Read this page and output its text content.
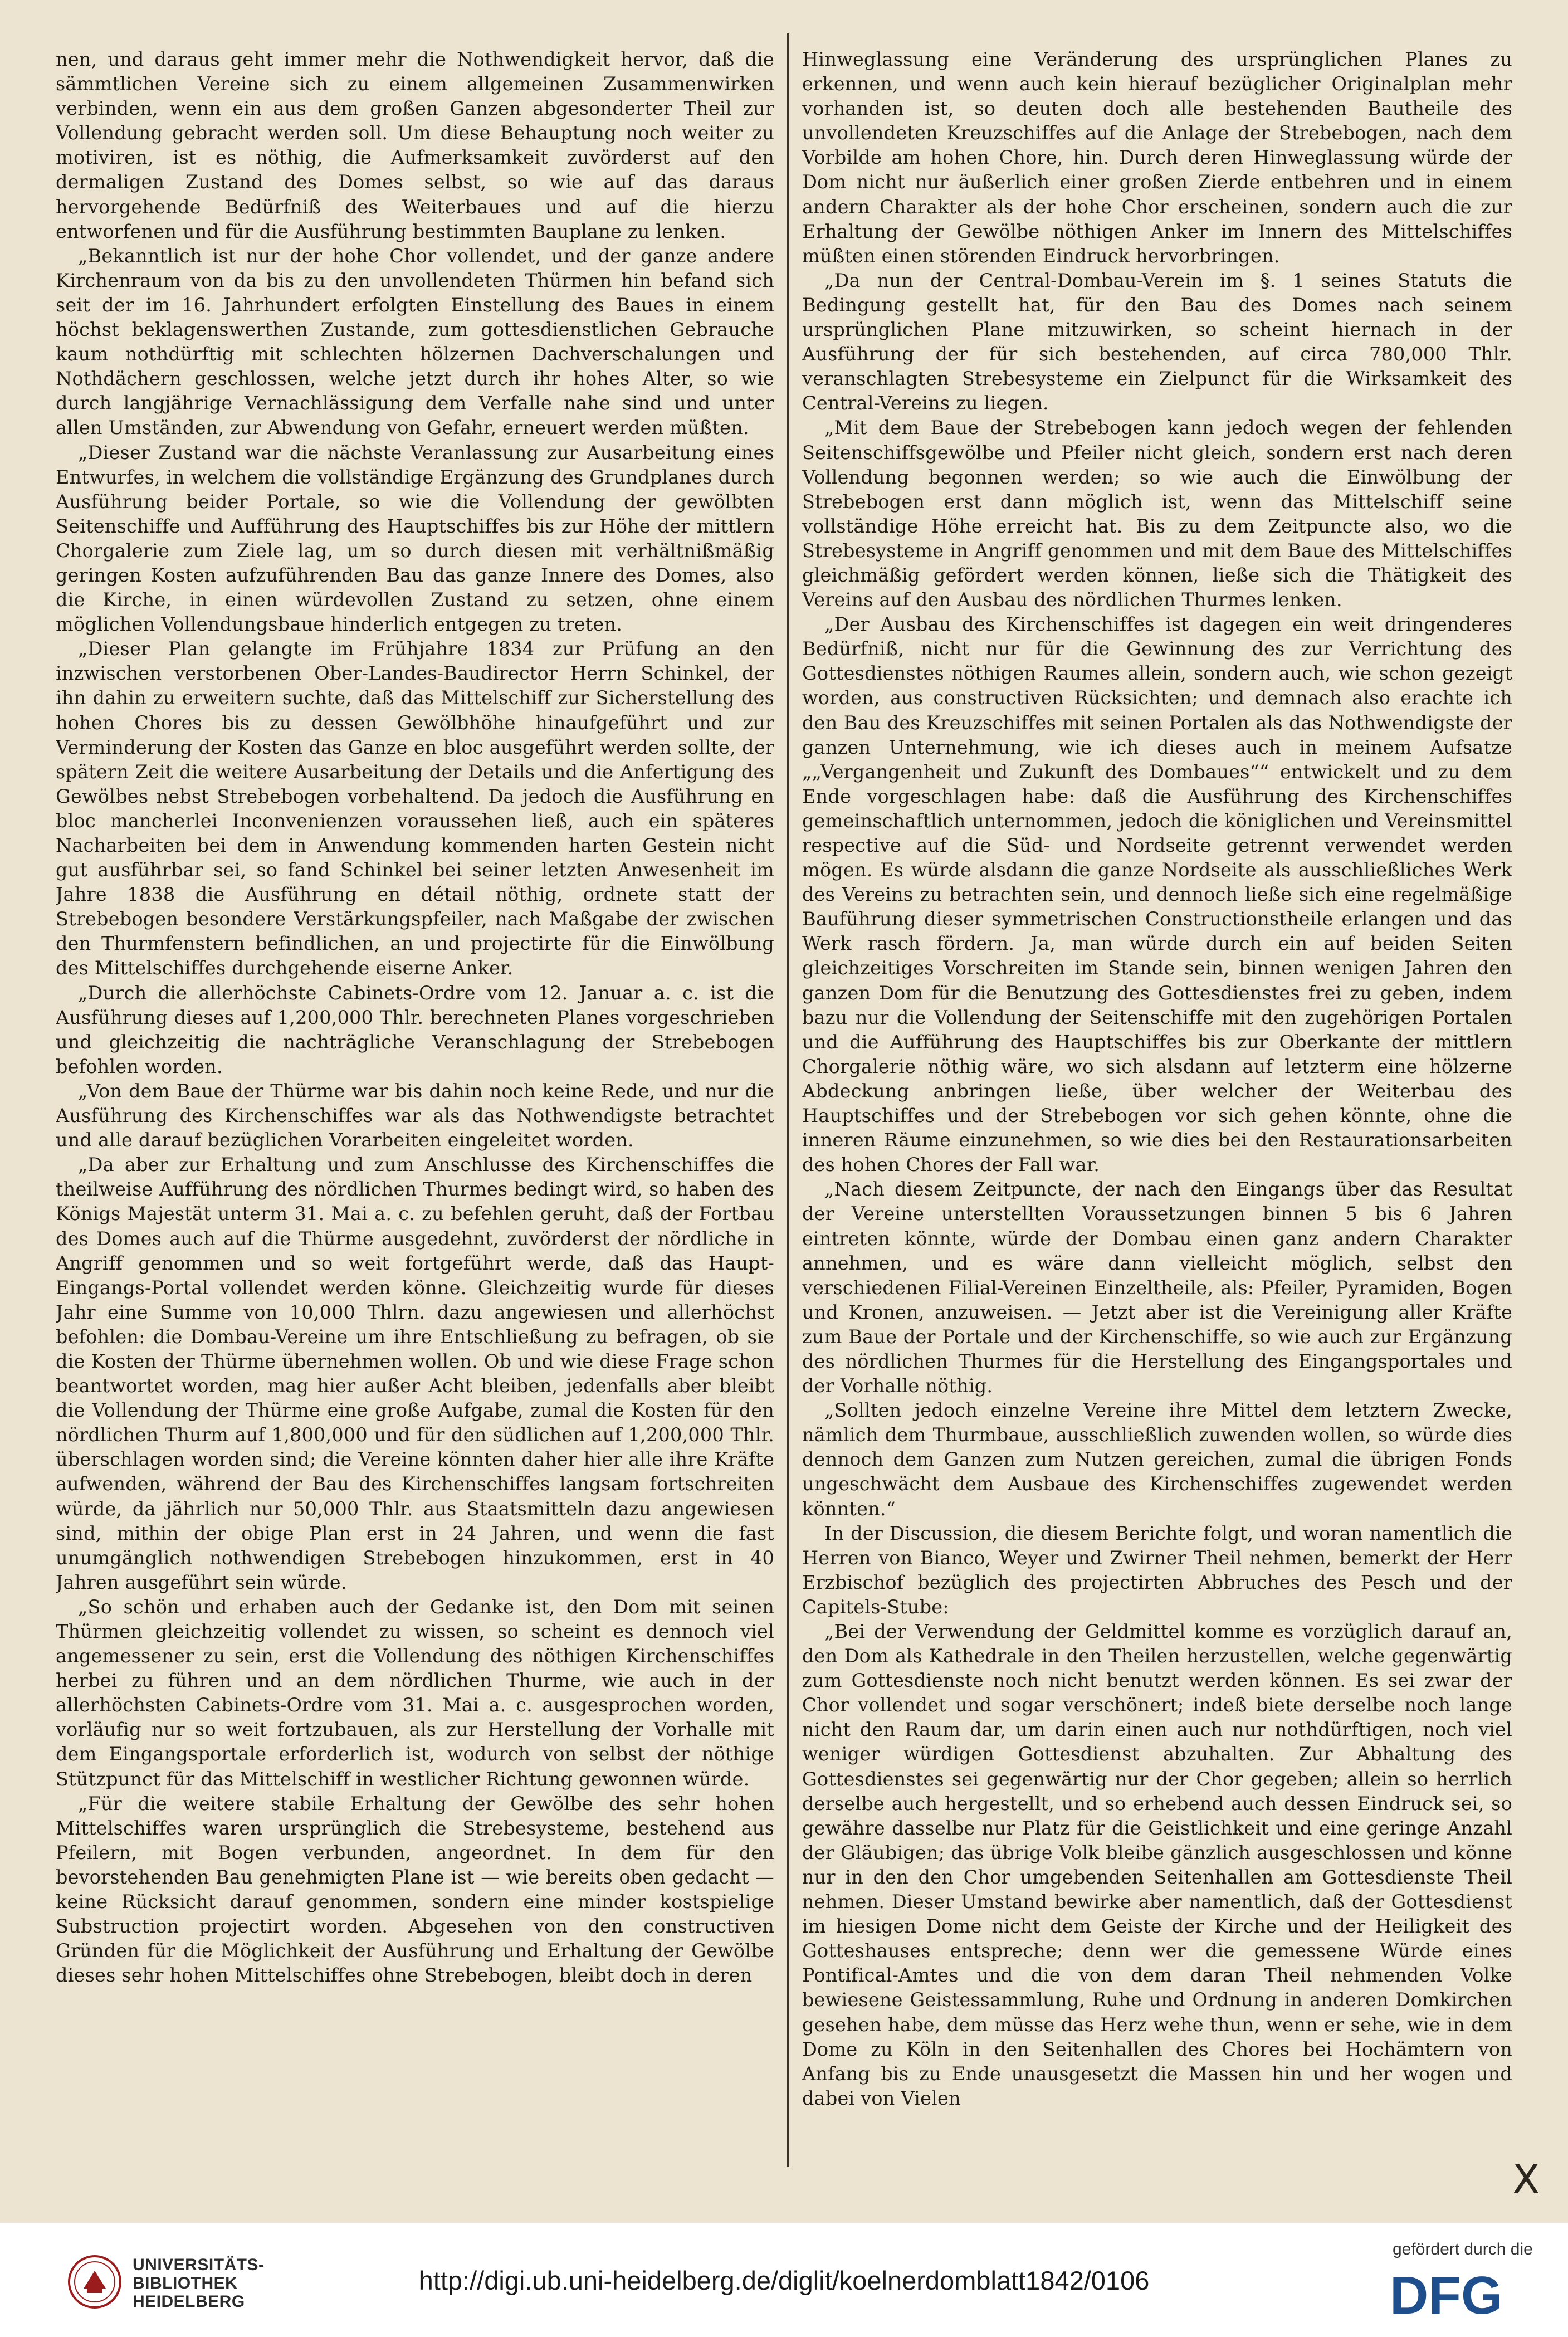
nen, und daraus geht immer mehr die Nothwendigkeit hervor, daß die sämmtlichen Vereine sich zu einem allgemeinen Zusammenwirken verbinden, wenn ein aus dem großen Ganzen abgesonderter Theil zur Vollendung gebracht werden soll. Um diese Behauptung noch weiter zu motiviren, ist es nöthig, die Aufmerksamkeit zuvörderst auf den dermaligen Zustand des Domes selbst, so wie auf das daraus hervorgehende Bedürfniß des Weiterbaues und auf die hierzu entworfenen und für die Ausführung bestimmten Bauplane zu lenken.

„Bekanntlich ist nur der hohe Chor vollendet, und der ganze andere Kirchenraum von da bis zu den unvollendeten Thürmen hin befand sich seit der im 16. Jahrhundert erfolgten Einstellung des Baues in einem höchst beklagenswerthen Zustande, zum gottesdienstlichen Gebrauche kaum nothdürftig mit schlechten hölzernen Dachverschalungen und Nothdächern geschlossen, welche jetzt durch ihr hohes Alter, so wie durch langjährige Vernachlässigung dem Verfalle nahe sind und unter allen Umständen, zur Abwendung von Gefahr, erneuert werden müßten.

„Dieser Zustand war die nächste Veranlassung zur Ausarbeitung eines Entwurfes, in welchem die vollständige Ergänzung des Grundplanes durch Ausführung beider Portale, so wie die Vollendung der gewölbten Seitenschiffe und Aufführung des Hauptschiffes bis zur Höhe der mittlern Chorgalerie zum Ziele lag, um so durch diesen mit verhältnißmäßig geringen Kosten aufzuführenden Bau das ganze Innere des Domes, also die Kirche, in einen würdevollen Zustand zu setzen, ohne einem möglichen Vollendungsbaue hinderlich entgegen zu treten.

„Dieser Plan gelangte im Frühjahre 1834 zur Prüfung an den inzwischen verstorbenen Ober-Landes-Baudirector Herrn Schinkel, der ihn dahin zu erweitern suchte, daß das Mittelschiff zur Sicherstellung des hohen Chores bis zu dessen Gewölbhöhe hinaufgeführt und zur Verminderung der Kosten das Ganze en bloc ausgeführt werden sollte, der spätern Zeit die weitere Ausarbeitung der Details und die Anfertigung des Gewölbes nebst Strebebogen vorbehaltend. Da jedoch die Ausführung en bloc mancherlei Inconvenienzen voraussehen ließ, auch ein späteres Nacharbeiten bei dem in Anwendung kommenden harten Gestein nicht gut ausführbar sei, so fand Schinkel bei seiner letzten Anwesenheit im Jahre 1838 die Ausführung en détail nöthig, ordnete statt der Strebebogen besondere Verstärkungspfeiler, nach Maßgabe der zwischen den Thurmfenstern befindlichen, an und projectirte für die Einwölbung des Mittelschiffes durchgehende eiserne Anker.

„Durch die allerhöchste Cabinets-Ordre vom 12. Januar a. c. ist die Ausführung dieses auf 1,200,000 Thlr. berechneten Planes vorgeschrieben und gleichzeitig die nachträgliche Veranschlagung der Strebebogen befohlen worden.

„Von dem Baue der Thürme war bis dahin noch keine Rede, und nur die Ausführung des Kirchenschiffes war als das Nothwendigste betrachtet und alle darauf bezüglichen Vorarbeiten eingeleitet worden.

„Da aber zur Erhaltung und zum Anschlusse des Kirchenschiffes die theilweise Aufführung des nördlichen Thurmes bedingt wird, so haben des Königs Majestät unterm 31. Mai a. c. zu befehlen geruht, daß der Fortbau des Domes auch auf die Thürme ausgedehnt, zuvörderst der nördliche in Angriff genommen und so weit fortgeführt werde, daß das Haupt-Eingangs-Portal vollendet werden könne. Gleichzeitig wurde für dieses Jahr eine Summe von 10,000 Thlrn. dazu angewiesen und allerhöchst befohlen: die Dombau-Vereine um ihre Entschließung zu befragen, ob sie die Kosten der Thürme übernehmen wollen. Ob und wie diese Frage schon beantwortet worden, mag hier außer Acht bleiben, jedenfalls aber bleibt die Vollendung der Thürme eine große Aufgabe, zumal die Kosten für den nördlichen Thurm auf 1,800,000 und für den südlichen auf 1,200,000 Thlr. überschlagen worden sind; die Vereine könnten daher hier alle ihre Kräfte aufwenden, während der Bau des Kirchenschiffes langsam fortschreiten würde, da jährlich nur 50,000 Thlr. aus Staatsmitteln dazu angewiesen sind, mithin der obige Plan erst in 24 Jahren, und wenn die fast unumgänglich nothwendigen Strebebogen hinzukommen, erst in 40 Jahren ausgeführt sein würde.

„So schön und erhaben auch der Gedanke ist, den Dom mit seinen Thürmen gleichzeitig vollendet zu wissen, so scheint es dennoch viel angemessener zu sein, erst die Vollendung des nöthigen Kirchenschiffes herbei zu führen und an dem nördlichen Thurme, wie auch in der allerhöchsten Cabinets-Ordre vom 31. Mai a. c. ausgesprochen worden, vorläufig nur so weit fortzubauen, als zur Herstellung der Vorhalle mit dem Eingangsportale erforderlich ist, wodurch von selbst der nöthige Stützpunct für das Mittelschiff in westlicher Richtung gewonnen würde.

„Für die weitere stabile Erhaltung der Gewölbe des sehr hohen Mittelschiffes waren ursprünglich die Strebesysteme, bestehend aus Pfeilern, mit Bogen verbunden, angeordnet. In dem für den bevorstehenden Bau genehmigten Plane ist — wie bereits oben gedacht — keine Rücksicht darauf genommen, sondern eine minder kostspielige Substruction projectirt worden. Abgesehen von den constructiven Gründen für die Möglichkeit der Ausführung und Erhaltung der Gewölbe dieses sehr hohen Mittelschiffes ohne Strebebogen, bleibt doch in deren

Hinweglassung eine Veränderung des ursprünglichen Planes zu erkennen, und wenn auch kein hierauf bezüglicher Originalplan mehr vorhanden ist, so deuten doch alle bestehenden Bautheile des unvollendeten Kreuzschiffes auf die Anlage der Strebebogen, nach dem Vorbilde am hohen Chore, hin. Durch deren Hinweglassung würde der Dom nicht nur äußerlich einer großen Zierde entbehren und in einem andern Charakter als der hohe Chor erscheinen, sondern auch die zur Erhaltung der Gewölbe nöthigen Anker im Innern des Mittelschiffes müßten einen störenden Eindruck hervorbringen.

„Da nun der Central-Dombau-Verein im §. 1 seines Statuts die Bedingung gestellt hat, für den Bau des Domes nach seinem ursprünglichen Plane mitzuwirken, so scheint hiernach in der Ausführung der für sich bestehenden, auf circa 780,000 Thlr. veranschlagten Strebesysteme ein Zielpunct für die Wirksamkeit des Central-Vereins zu liegen.

„Mit dem Baue der Strebebogen kann jedoch wegen der fehlenden Seitenschiffsgewölbe und Pfeiler nicht gleich, sondern erst nach deren Vollendung begonnen werden; so wie auch die Einwölbung der Strebebogen erst dann möglich ist, wenn das Mittelschiff seine vollständige Höhe erreicht hat. Bis zu dem Zeitpuncte also, wo die Strebesysteme in Angriff genommen und mit dem Baue des Mittelschiffes gleichmäßig gefördert werden können, ließe sich die Thätigkeit des Vereins auf den Ausbau des nördlichen Thurmes lenken.

„Der Ausbau des Kirchenschiffes ist dagegen ein weit dringenderes Bedürfniß, nicht nur für die Gewinnung des zur Verrichtung des Gottesdienstes nöthigen Raumes allein, sondern auch, wie schon gezeigt worden, aus constructiven Rücksichten; und demnach also erachte ich den Bau des Kreuzschiffes mit seinen Portalen als das Nothwendigste der ganzen Unternehmung, wie ich dieses auch in meinem Aufsatze „„Vergangenheit und Zukunft des Dombaues““ entwickelt und zu dem Ende vorgeschlagen habe: daß die Ausführung des Kirchenschiffes gemeinschaftlich unternommen, jedoch die königlichen und Vereinsmittel respective auf die Süd- und Nordseite getrennt verwendet werden mögen. Es würde alsdann die ganze Nordseite als ausschließliches Werk des Vereins zu betrachten sein, und dennoch ließe sich eine regelmäßige Bauführung dieser symmetrischen Constructionstheile erlangen und das Werk rasch fördern. Ja, man würde durch ein auf beiden Seiten gleichzeitiges Vorschreiten im Stande sein, binnen wenigen Jahren den ganzen Dom für die Benutzung des Gottesdienstes frei zu geben, indem bazu nur die Vollendung der Seitenschiffe mit den zugehörigen Portalen und die Aufführung des Hauptschiffes bis zur Oberkante der mittlern Chorgalerie nöthig wäre, wo sich alsdann auf letzterm eine hölzerne Abdeckung anbringen ließe, über welcher der Weiterbau des Hauptschiffes und der Strebebogen vor sich gehen könnte, ohne die inneren Räume einzunehmen, so wie dies bei den Restaurationsarbeiten des hohen Chores der Fall war.

„Nach diesem Zeitpuncte, der nach den Eingangs über das Resultat der Vereine unterstellten Voraussetzungen binnen 5 bis 6 Jahren eintreten könnte, würde der Dombau einen ganz andern Charakter annehmen, und es wäre dann vielleicht möglich, selbst den verschiedenen Filial-Vereinen Einzeltheile, als: Pfeiler, Pyramiden, Bogen und Kronen, anzuweisen. — Jetzt aber ist die Vereinigung aller Kräfte zum Baue der Portale und der Kirchenschiffe, so wie auch zur Ergänzung des nördlichen Thurmes für die Herstellung des Eingangsportales und der Vorhalle nöthig.

„Sollten jedoch einzelne Vereine ihre Mittel dem letztern Zwecke, nämlich dem Thurmbaue, ausschließlich zuwenden wollen, so würde dies dennoch dem Ganzen zum Nutzen gereichen, zumal die übrigen Fonds ungeschwächt dem Ausbaue des Kirchenschiffes zugewendet werden könnten.“

In der Discussion, die diesem Berichte folgt, und woran namentlich die Herren von Bianco, Weyer und Zwirner Theil nehmen, bemerkt der Herr Erzbischof bezüglich des projectirten Abbruches des Pesch und der Capitels-Stube:

„Bei der Verwendung der Geldmittel komme es vorzüglich darauf an, den Dom als Kathedrale in den Theilen herzustellen, welche gegenwärtig zum Gottesdienste noch nicht benutzt werden können. Es sei zwar der Chor vollendet und sogar verschönert; indeß biete derselbe noch lange nicht den Raum dar, um darin einen auch nur nothdürftigen, noch viel weniger würdigen Gottesdienst abzuhalten. Zur Abhaltung des Gottesdienstes sei gegenwärtig nur der Chor gegeben; allein so herrlich derselbe auch hergestellt, und so erhebend auch dessen Eindruck sei, so gewähre dasselbe nur Platz für die Geistlichkeit und eine geringe Anzahl der Gläubigen; das übrige Volk bleibe gänzlich ausgeschlossen und könne nur in den den Chor umgebenden Seitenhallen am Gottesdienste Theil nehmen. Dieser Umstand bewirke aber namentlich, daß der Gottesdienst im hiesigen Dome nicht dem Geiste der Kirche und der Heiligkeit des Gotteshauses entspreche; denn wer die gemessene Würde eines Pontifical-Amtes und die von dem daran Theil nehmenden Volke bewiesene Geistessammlung, Ruhe und Ordnung in anderen Domkirchen gesehen habe, dem müsse das Herz wehe thun, wenn er sehe, wie in dem Dome zu Köln in den Seitenhallen des Chores bei Hochämtern von Anfang bis zu Ende unausgesetzt die Massen hin und her wogen und dabei von Vielen

X
UNIVERSITÄTS-
BIBLIOTHEK
HEIDELBERG
http://digi.ub.uni-heidelberg.de/diglit/koelnerdomblatt1842/0106
gefördert durch die
DFG
